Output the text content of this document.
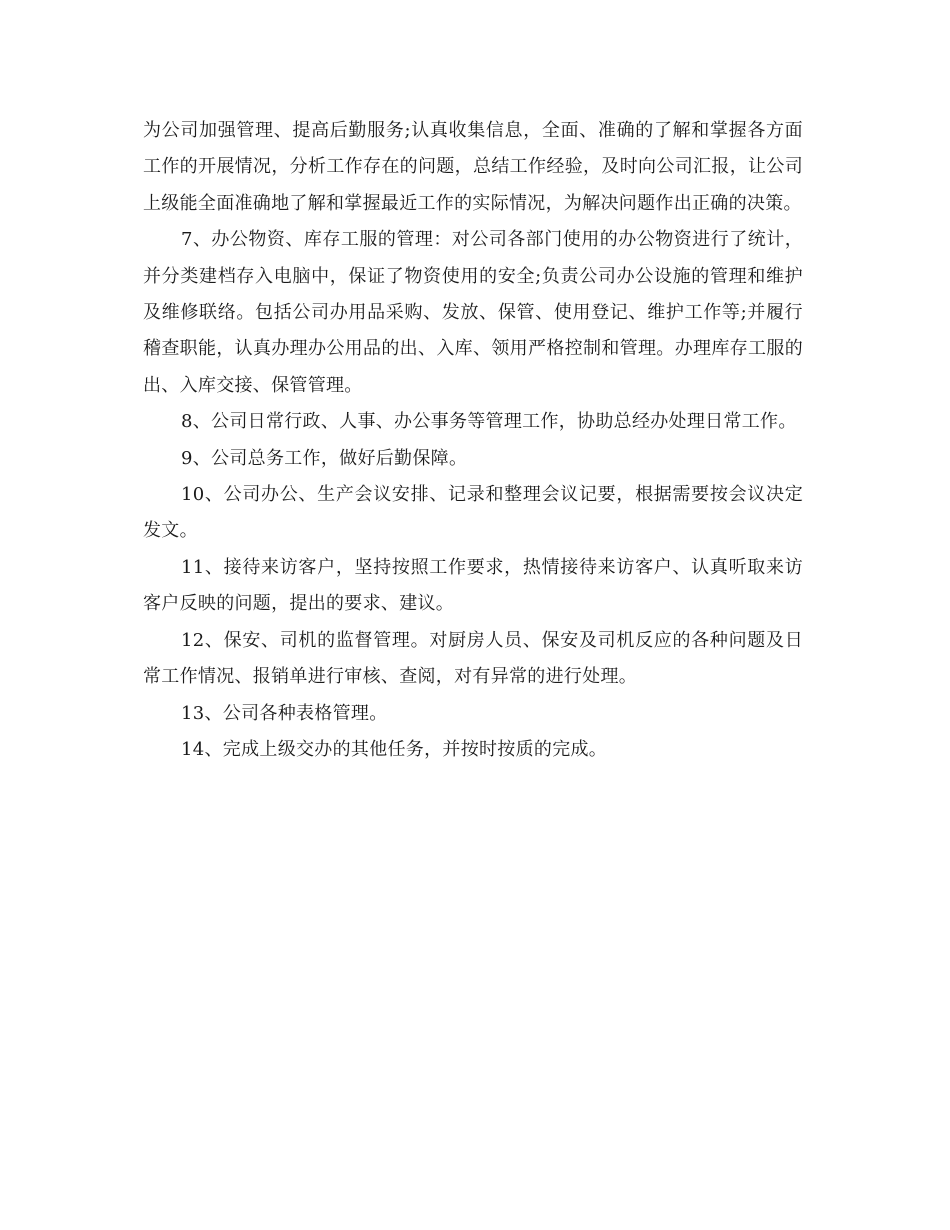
为公司加强管理、提高后勤服务;认真收集信息，全面、准确的了解和掌握各方面工作的开展情况，分析工作存在的问题，总结工作经验，及时向公司汇报，让公司上级能全面准确地了解和掌握最近工作的实际情况，为解决问题作出正确的决策。

7、办公物资、库存工服的管理：对公司各部门使用的办公物资进行了统计，并分类建档存入电脑中，保证了物资使用的安全;负责公司办公设施的管理和维护及维修联络。包括公司办用品采购、发放、保管、使用登记、维护工作等;并履行稽查职能，认真办理办公用品的出、入库、领用严格控制和管理。办理库存工服的出、入库交接、保管管理。

8、公司日常行政、人事、办公事务等管理工作，协助总经办处理日常工作。

9、公司总务工作，做好后勤保障。

10、公司办公、生产会议安排、记录和整理会议记要，根据需要按会议决定发文。

11、接待来访客户，坚持按照工作要求，热情接待来访客户、认真听取来访客户反映的问题，提出的要求、建议。

12、保安、司机的监督管理。对厨房人员、保安及司机反应的各种问题及日常工作情况、报销单进行审核、查阅，对有异常的进行处理。

13、公司各种表格管理。

14、完成上级交办的其他任务，并按时按质的完成。
